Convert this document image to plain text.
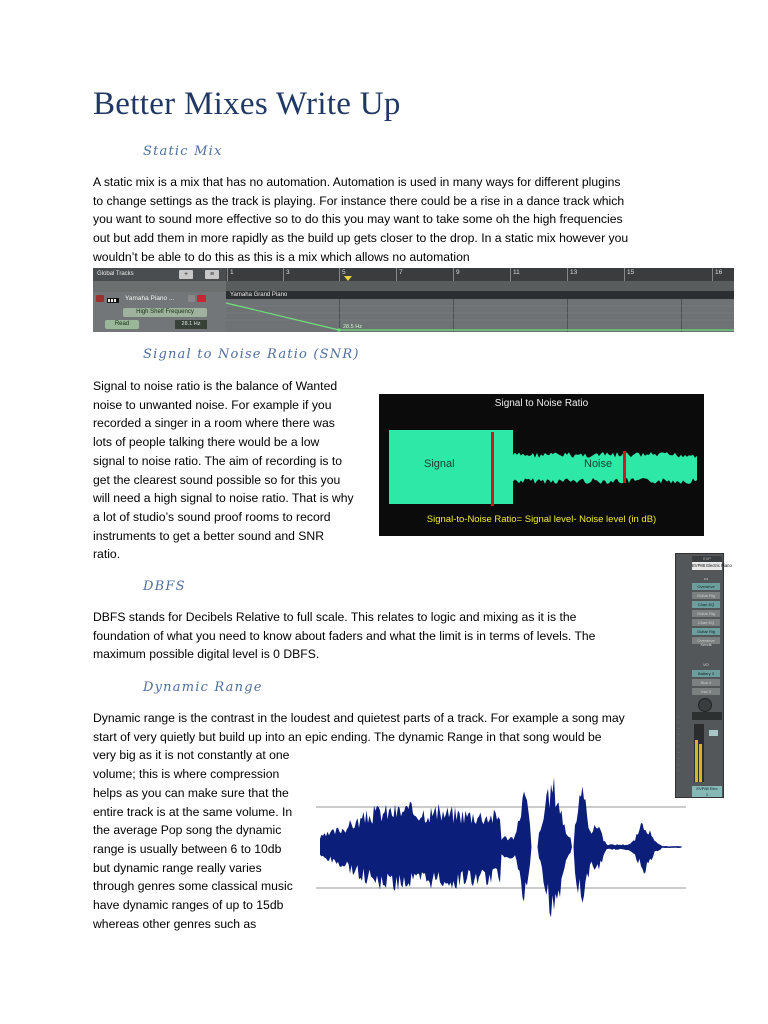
Better Mixes Write Up
Static Mix
A static mix is a mix that has no automation. Automation is used in many ways for different plugins
to change settings as the track is playing. For instance there could be a rise in a dance track which
you want to sound more effective so to do this you may want to take some oh the high frequencies
out but add them in more rapidly as the build up gets closer to the drop. In a static mix however you
wouldn’t be able to do this as this is a mix which allows no automation
Global Tracks	+	≡
Yamaha Piano ...
High Shelf Frequency
Read	28.1 Hz
1	3	5	7	9	11	13	15	16
Yamaha Grand Piano
28.5 Hz
Signal to Noise Ratio (SNR)
Signal to noise ratio is the balance of Wanted
noise to unwanted noise. For example if you
recorded a singer in a room where there was
lots of people talking there would be a low
signal to noise ratio. The aim of recording is to
get the clearest sound possible so for this you
will need a high signal to noise ratio. That is why
a lot of studio’s sound proof rooms to record
instruments to get a better sound and SNR
ratio.
Signal to Noise Ratio
Signal	Noise
Signal-to-Noise Ratio= Signal level- Noise level (in dB)
EVP
EVP88 Electric Piano
•••
Overdrive
Guitar Rig
Chan EQ
Guitar Rig
Chan EQ
Guitar Rig
Overdrive
Sends
I/O
Battery 3
Bus 4
Inst 3
EVP88 Elec
1
·
·
·
·
·
·
·
·
·
·
DBFS
DBFS stands for Decibels Relative to full scale. This relates to logic and mixing as it is the
foundation of what you need to know about faders and what the limit is in terms of levels. The
maximum possible digital level is 0 DBFS.
Dynamic Range
Dynamic range is the contrast in the loudest and quietest parts of a track. For example a song may
start of very quietly but build up into an epic ending. The dynamic Range in that song would be
very big as it is not constantly at one
volume; this is where compression
helps as you can make sure that the
entire track is at the same volume. In
the average Pop song the dynamic
range is usually between 6 to 10db
but dynamic range really varies
through genres some classical music
have dynamic ranges of up to 15db
whereas other genres such as
